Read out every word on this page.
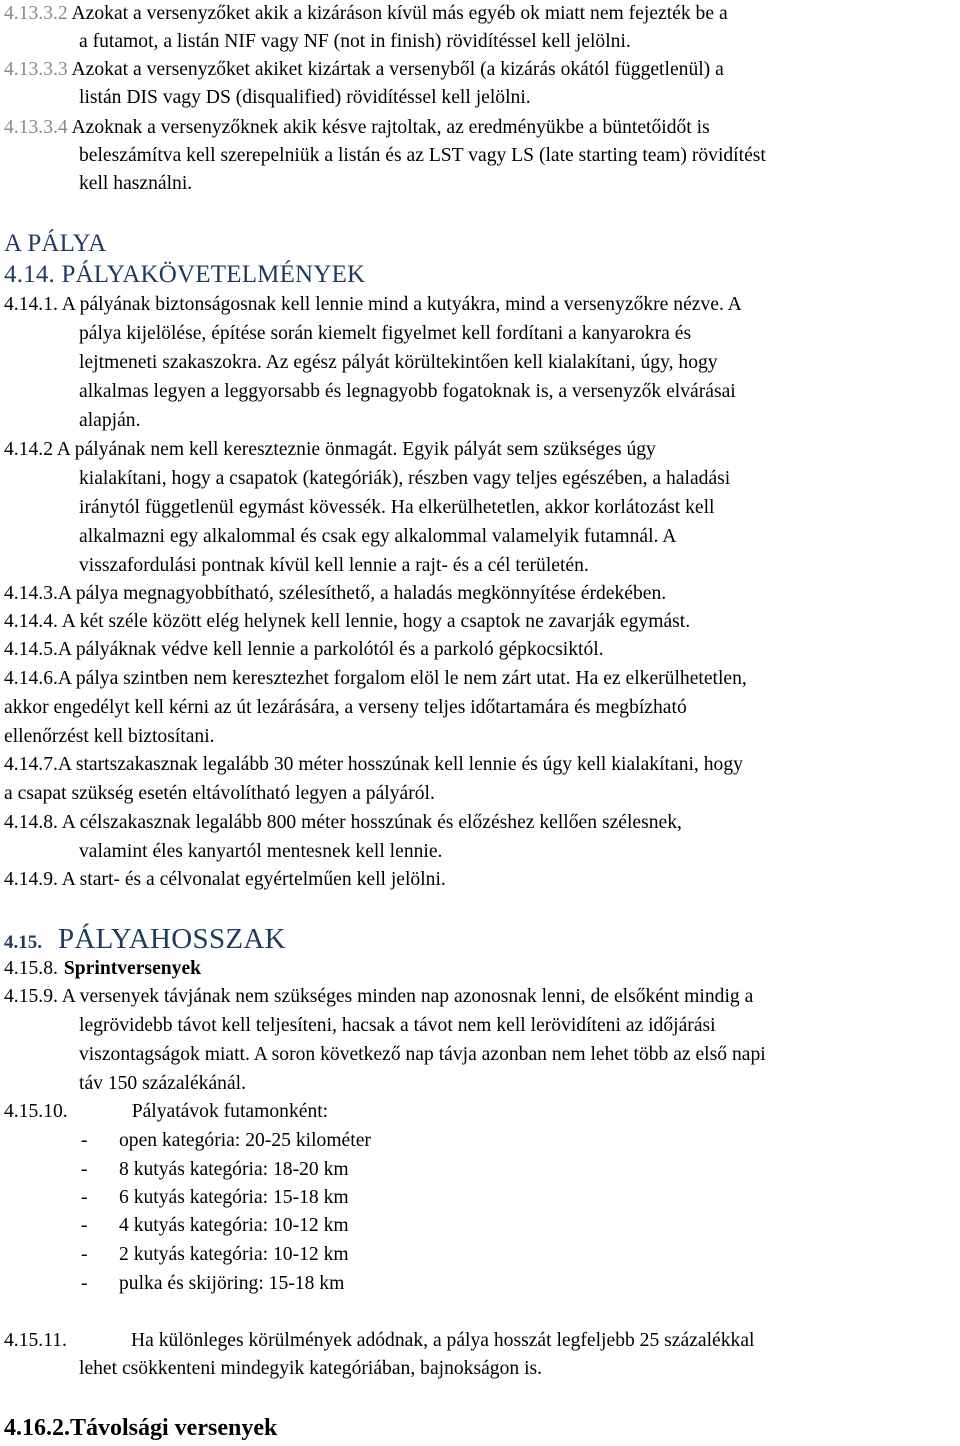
4.13.3.2 Azokat a versenyzőket akik a kizáráson kívül más egyéb ok miatt nem fejezték be a
a futamot, a listán NIF vagy NF (not in finish) rövidítéssel kell jelölni.
4.13.3.3 Azokat a versenyzőket akiket kizártak a versenyből (a kizárás okától függetlenül) a
listán DIS vagy DS (disqualified) rövidítéssel kell jelölni.
4.13.3.4 Azoknak a versenyzőknek akik késve rajtoltak, az eredményükbe a büntetőidőt is
beleszámítva kell szerepelniük a listán és az LST vagy LS (late starting team) rövidítést
kell használni.
A PÁLYA
4.14. PÁLYAKÖVETELMÉNYEK
4.14.1. A pályának biztonságosnak kell lennie mind a kutyákra, mind a versenyzőkre nézve. A
pálya kijelölése, építése során kiemelt figyelmet kell fordítani a kanyarokra és
lejtmeneti szakaszokra. Az egész pályát körültekintően kell kialakítani, úgy, hogy
alkalmas legyen a leggyorsabb és legnagyobb fogatoknak is, a versenyzők elvárásai
alapján.
4.14.2 A pályának nem kell kereszteznie önmagát. Egyik pályát sem szükséges úgy
kialakítani, hogy a csapatok (kategóriák), részben vagy teljes egészében, a haladási
iránytól függetlenül egymást kövessék. Ha elkerülhetetlen, akkor korlátozást kell
alkalmazni egy alkalommal és csak egy alkalommal valamelyik futamnál. A
visszafordulási pontnak kívül kell lennie a rajt- és a cél területén.
4.14.3.A pálya megnagyobbítható, szélesíthető, a haladás megkönnyítése érdekében.
4.14.4. A két széle között elég helynek kell lennie, hogy a csaptok ne zavarják egymást.
4.14.5.A pályáknak védve kell lennie a parkolótól és a parkoló gépkocsiktól.
4.14.6.A pálya szintben nem keresztezhet forgalom elöl le nem zárt utat. Ha ez elkerülhetetlen,
akkor engedélyt kell kérni az út lezárására, a verseny teljes időtartamára és megbízható
ellenőrzést kell biztosítani.
4.14.7.A startszakasznak legalább 30 méter hosszúnak kell lennie és úgy kell kialakítani, hogy
a csapat szükség esetén eltávolítható legyen a pályáról.
4.14.8. A célszakasznak legalább 800 méter hosszúnak és előzéshez kellően szélesnek,
valamint éles kanyartól mentesnek kell lennie.
4.14.9. A start- és a célvonalat egyértelműen kell jelölni.
4.15. PÁLYAHOSSZAK
4.15.8. Sprintversenyek
4.15.9. A versenyek távjának nem szükséges minden nap azonosnak lenni, de elsőként mindig a
legrövidebb távot kell teljesíteni, hacsak a távot nem kell lerövidíteni az időjárási
viszontagságok miatt. A soron következő nap távja azonban nem lehet több az első napi
táv 150 százalékánál.
4.15.10.	Pályatávok futamonként:
- open kategória: 20-25 kilométer
- 8 kutyás kategória: 18-20 km
- 6 kutyás kategória: 15-18 km
- 4 kutyás kategória: 10-12 km
- 2 kutyás kategória: 10-12 km
- pulka és skijöring: 15-18 km
4.15.11.	Ha különleges körülmények adódnak, a pálya hosszát legfeljebb 25 százalékkal
lehet csökkenteni mindegyik kategóriában, bajnokságon is.
4.16.2.Távolsági versenyek
